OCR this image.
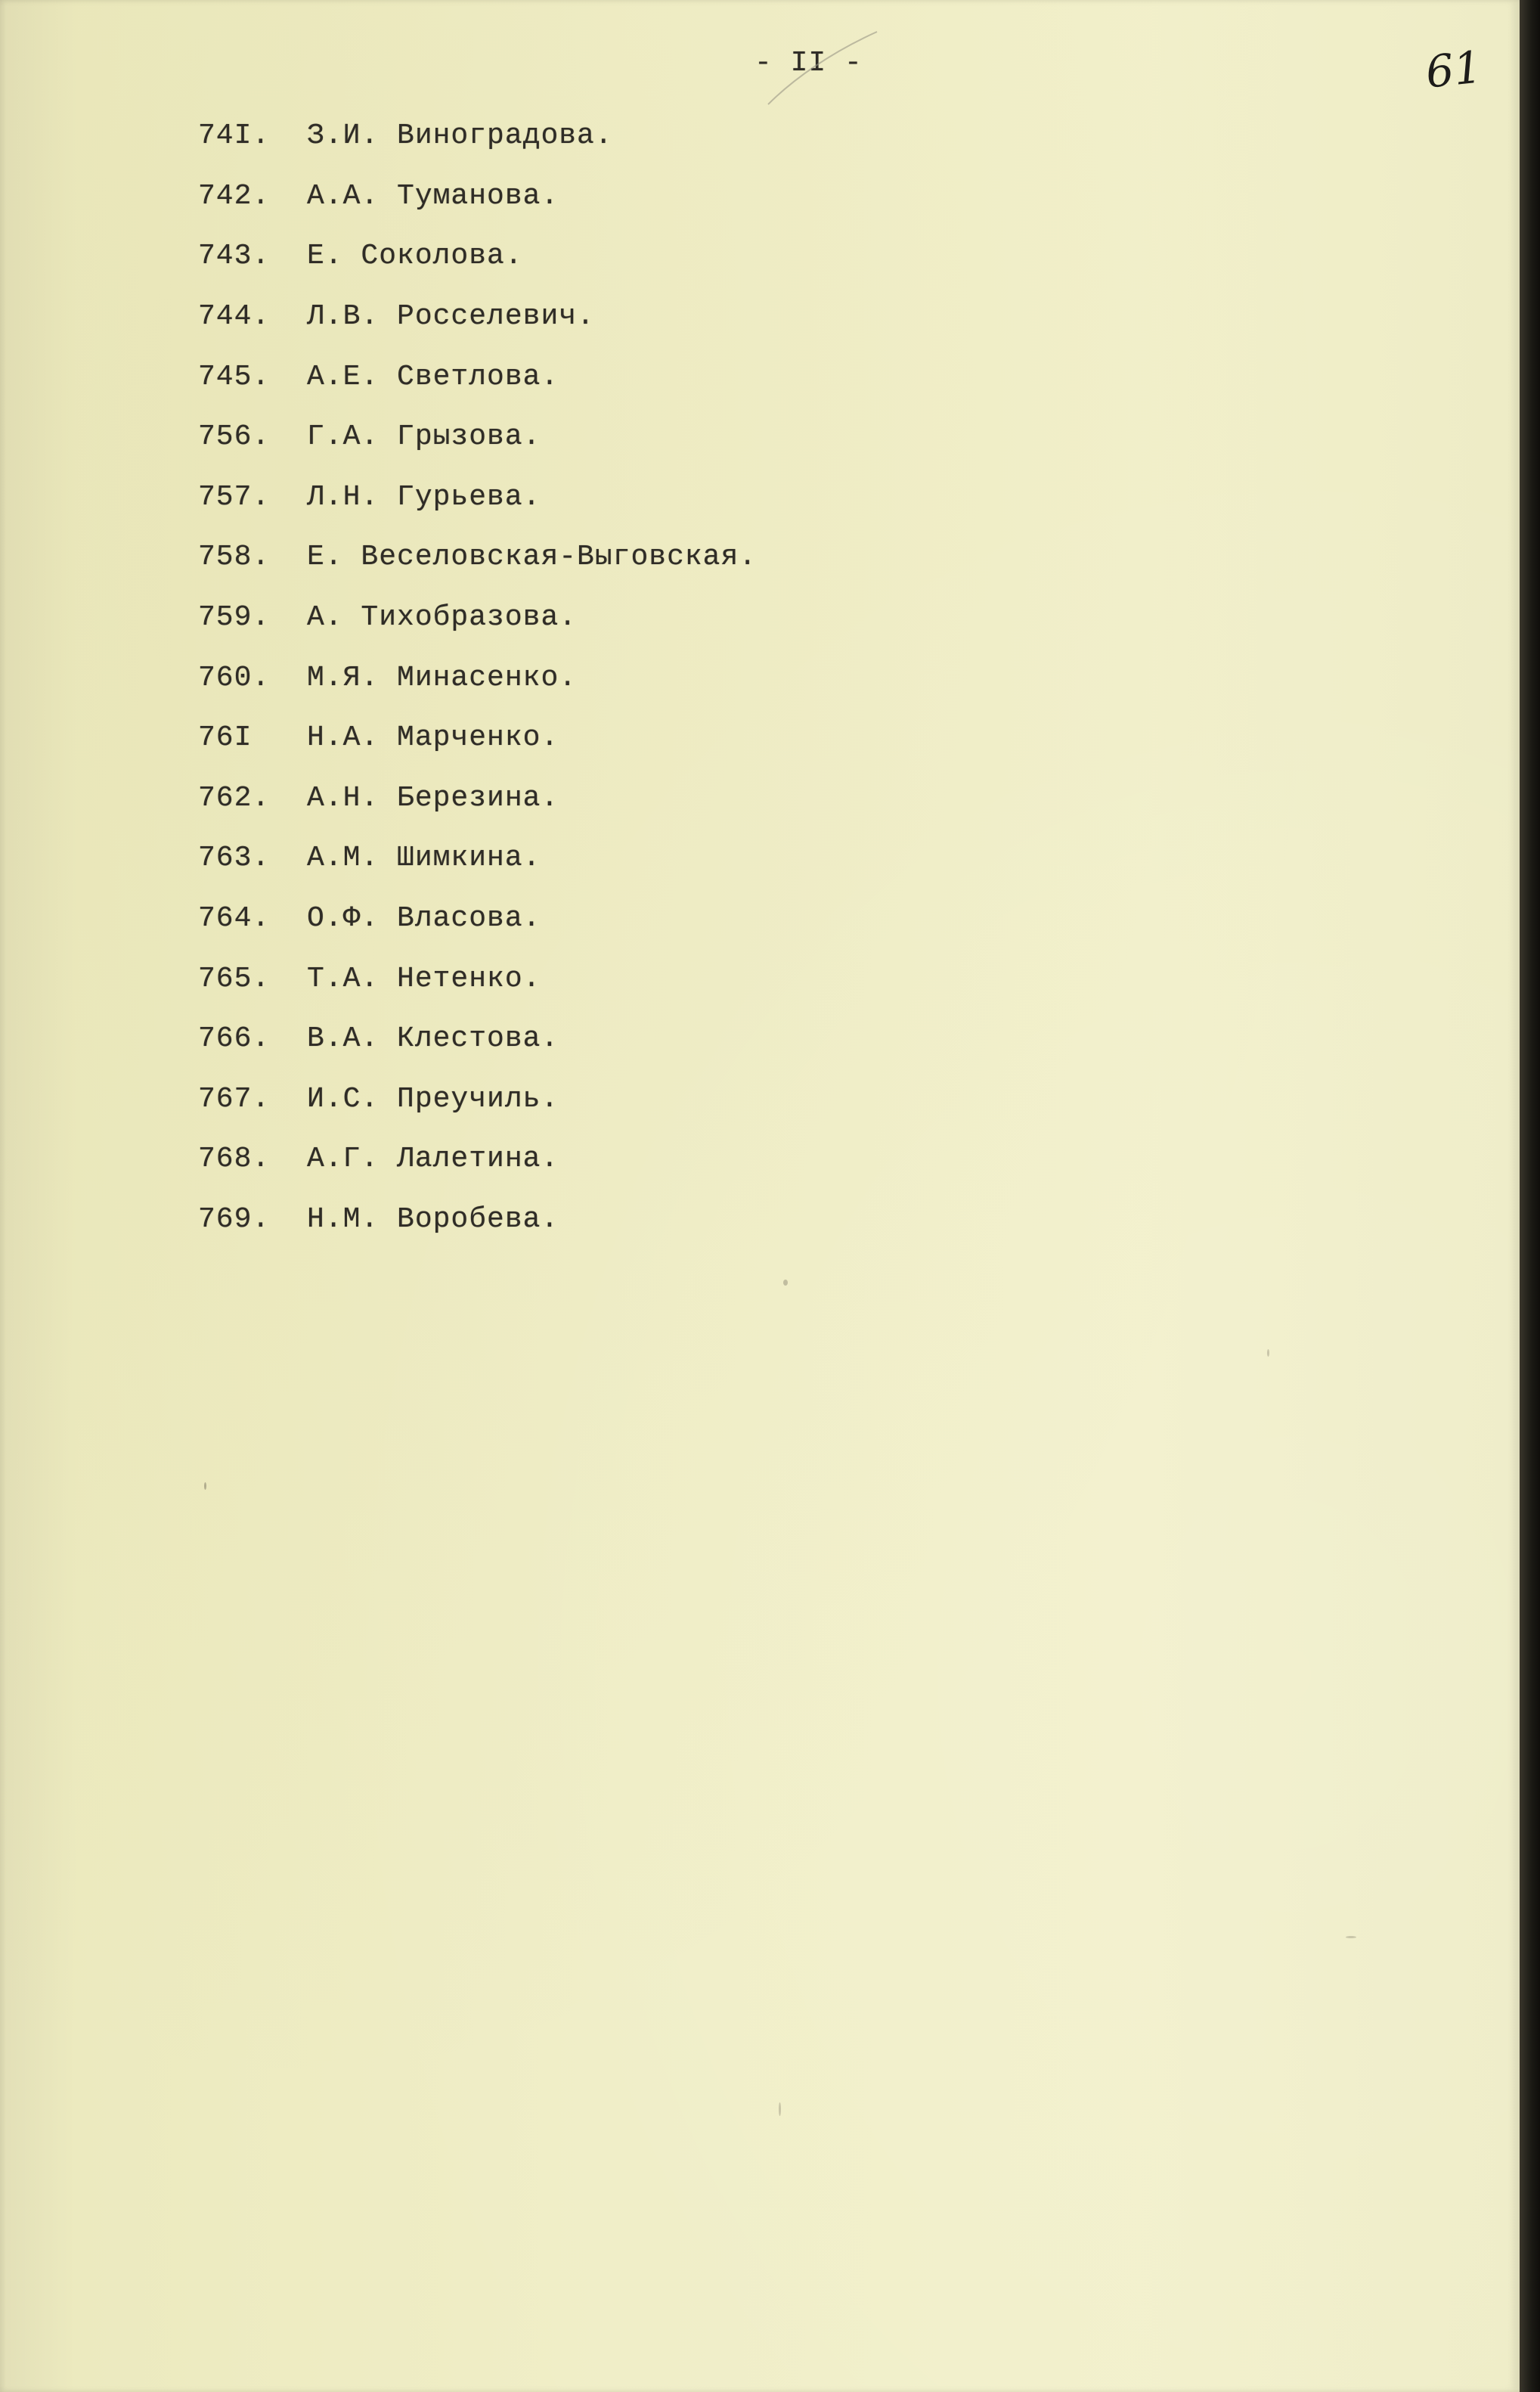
- II -	61
74I.	З.И. Виноградова.
742.	А.А. Туманова.
743.	Е. Соколова.
744.	Л.В. Росселевич.
745.	А.Е. Светлова.
756.	Г.А. Грызова.
757.	Л.Н. Гурьева.
758.	Е. Веселовская-Выговская.
759.	А. Тихобразова.
760.	М.Я. Минасенко.
76I	Н.А. Марченко.
762.	А.Н. Березина.
763.	А.М. Шимкина.
764.	О.Ф. Власова.
765.	Т.А. Нетенко.
766.	В.А. Клестова.
767.	И.С. Преучиль.
768.	А.Г. Лалетина.
769.	Н.М. Воробева.
